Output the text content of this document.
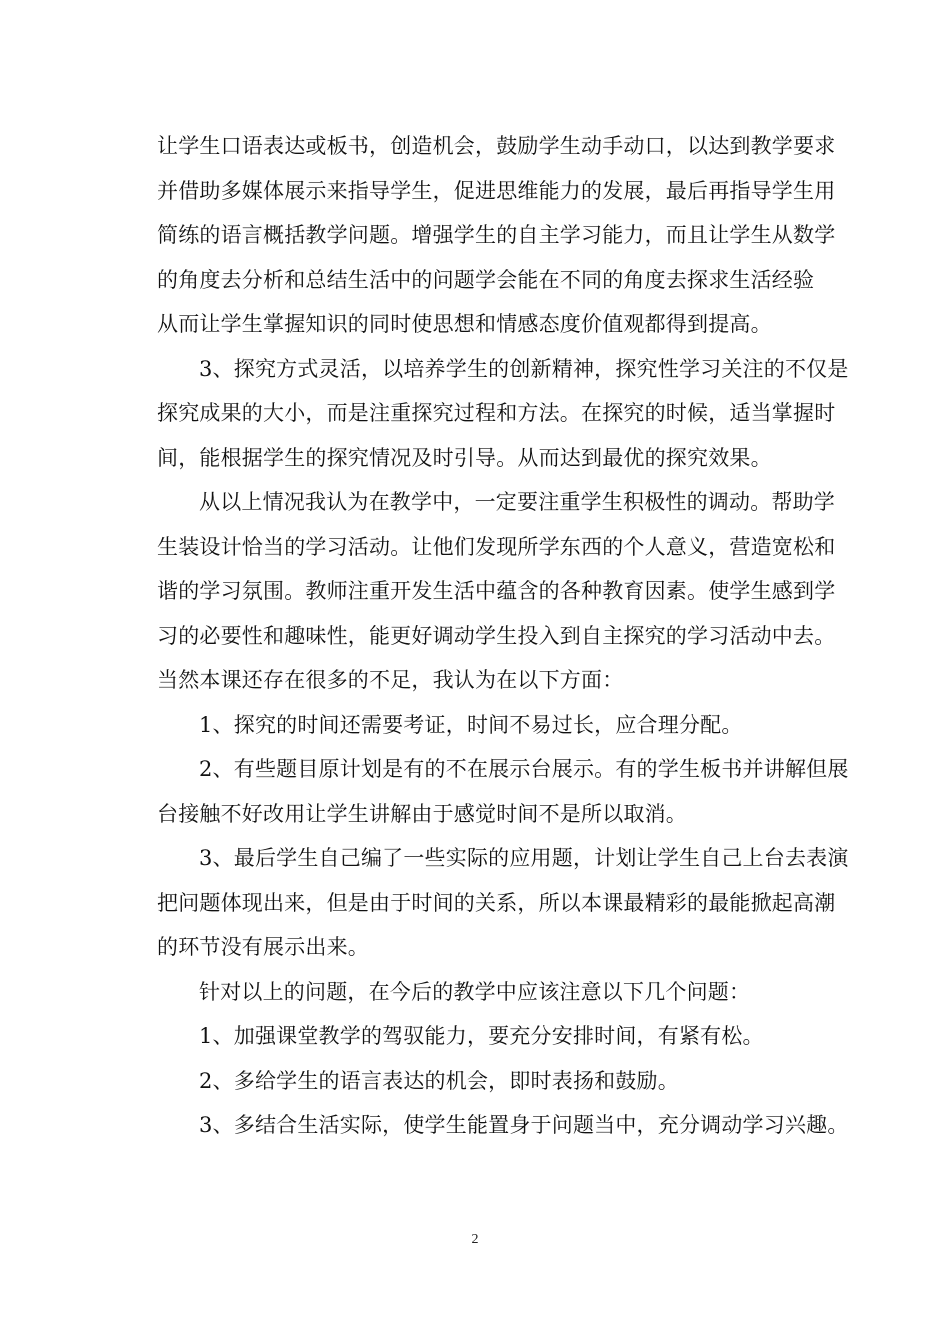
让学生口语表达或板书，创造机会，鼓励学生动手动口，以达到教学要求
并借助多媒体展示来指导学生，促进思维能力的发展，最后再指导学生用
简练的语言概括教学问题。增强学生的自主学习能力，而且让学生从数学
的角度去分析和总结生活中的问题学会能在不同的角度去探求生活经验
从而让学生掌握知识的同时使思想和情感态度价值观都得到提高。
3、探究方式灵活，以培养学生的创新精神，探究性学习关注的不仅是
探究成果的大小，而是注重探究过程和方法。在探究的时候，适当掌握时
间，能根据学生的探究情况及时引导。从而达到最优的探究效果。
从以上情况我认为在教学中，一定要注重学生积极性的调动。帮助学
生装设计恰当的学习活动。让他们发现所学东西的个人意义，营造宽松和
谐的学习氛围。教师注重开发生活中蕴含的各种教育因素。使学生感到学
习的必要性和趣味性，能更好调动学生投入到自主探究的学习活动中去。
当然本课还存在很多的不足，我认为在以下方面：
1、探究的时间还需要考证，时间不易过长，应合理分配。
2、有些题目原计划是有的不在展示台展示。有的学生板书并讲解但展
台接触不好改用让学生讲解由于感觉时间不是所以取消。
3、最后学生自己编了一些实际的应用题，计划让学生自己上台去表演
把问题体现出来，但是由于时间的关系，所以本课最精彩的最能掀起高潮
的环节没有展示出来。
针对以上的问题，在今后的教学中应该注意以下几个问题：
1、加强课堂教学的驾驭能力，要充分安排时间，有紧有松。
2、多给学生的语言表达的机会，即时表扬和鼓励。
3、多结合生活实际，使学生能置身于问题当中，充分调动学习兴趣。
2
